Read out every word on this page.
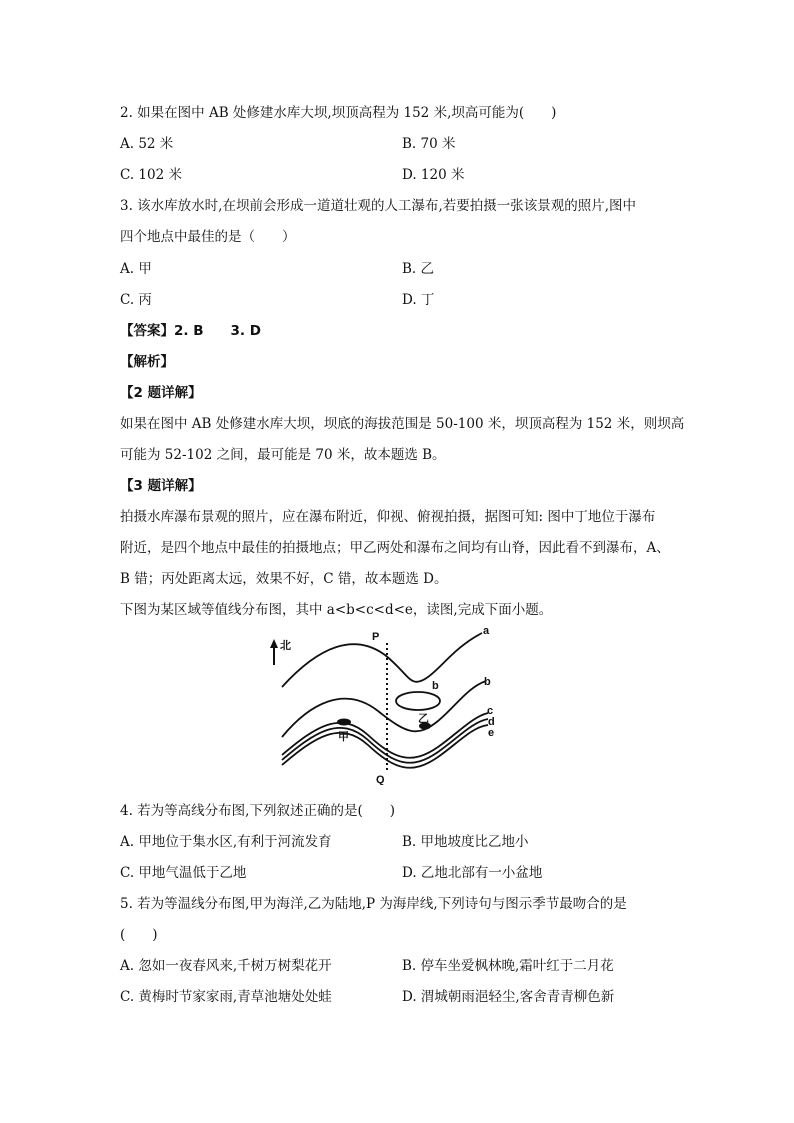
2. 如果在图中 AB 处修建水库大坝,坝顶高程为 152 米,坝高可能为(　　)
A. 52 米	B. 70 米
C. 102 米	D. 120 米
3. 该水库放水时,在坝前会形成一道道壮观的人工瀑布,若要拍摄一张该景观的照片,图中
四个地点中最佳的是（　　）
A. 甲	B. 乙
C. 丙	D. 丁
【答案】2. B　　3. D
【解析】
【2 题详解】
如果在图中 AB 处修建水库大坝，坝底的海拔范围是 50-100 米，坝顶高程为 152 米，则坝高
可能为 52-102 之间，最可能是 70 米，故本题选 B。
【3 题详解】
拍摄水库瀑布景观的照片，应在瀑布附近，仰视、俯视拍摄，据图可知: 图中丁地位于瀑布
附近，是四个地点中最佳的拍摄地点；甲乙两处和瀑布之间均有山脊，因此看不到瀑布，A、
B 错；丙处距离太远，效果不好，C 错，故本题选 D。
下图为某区域等值线分布图，其中 a<b<c<d<e，读图,完成下面小题。
北
P
Q
a
b
c
d
e
b
甲
乙
4. 若为等高线分布图,下列叙述正确的是(　　)
A. 甲地位于集水区,有利于河流发育	B. 甲地坡度比乙地小
C. 甲地气温低于乙地	D. 乙地北部有一小盆地
5. 若为等温线分布图,甲为海洋,乙为陆地,P 为海岸线,下列诗句与图示季节最吻合的是
(　　)
A. 忽如一夜春风来,千树万树梨花开	B. 停车坐爱枫林晚,霜叶红于二月花
C. 黄梅时节家家雨,青草池塘处处蛙	D. 渭城朝雨浥轻尘,客舍青青柳色新
